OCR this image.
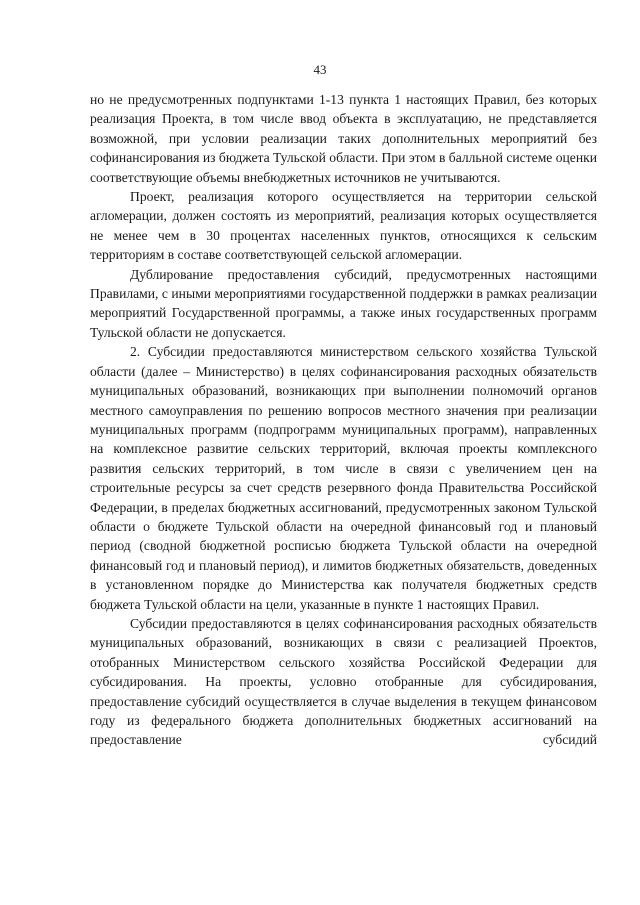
43

но не предусмотренных подпунктами 1-13 пункта 1 настоящих Правил, без которых реализация Проекта, в том числе ввод объекта в эксплуатацию, не представляется возможной, при условии реализации таких дополнительных мероприятий без софинансирования из бюджета Тульской области. При этом в балльной системе оценки соответствующие объемы внебюджетных источников не учитываются.

Проект, реализация которого осуществляется на территории сельской агломерации, должен состоять из мероприятий, реализация которых осуществляется не менее чем в 30 процентах населенных пунктов, относящихся к сельским территориям в составе соответствующей сельской агломерации.

Дублирование предоставления субсидий, предусмотренных настоящими Правилами, с иными мероприятиями государственной поддержки в рамках реализации мероприятий Государственной программы, а также иных государственных программ Тульской области не допускается.

2. Субсидии предоставляются министерством сельского хозяйства Тульской области (далее – Министерство) в целях софинансирования расходных обязательств муниципальных образований, возникающих при выполнении полномочий органов местного самоуправления по решению вопросов местного значения при реализации муниципальных программ (подпрограмм муниципальных программ), направленных на комплексное развитие сельских территорий, включая проекты комплексного развития сельских территорий, в том числе в связи с увеличением цен на строительные ресурсы за счет средств резервного фонда Правительства Российской Федерации, в пределах бюджетных ассигнований, предусмотренных законом Тульской области о бюджете Тульской области на очередной финансовый год и плановый период (сводной бюджетной росписью бюджета Тульской области на очередной финансовый год и плановый период), и лимитов бюджетных обязательств, доведенных в установленном порядке до Министерства как получателя бюджетных средств бюджета Тульской области на цели, указанные в пункте 1 настоящих Правил.

Субсидии предоставляются в целях софинансирования расходных обязательств муниципальных образований, возникающих в связи с реализацией Проектов, отобранных Министерством сельского хозяйства Российской Федерации для субсидирования. На проекты, условно отобранные для субсидирования, предоставление субсидий осуществляется в случае выделения в текущем финансовом году из федерального бюджета дополнительных бюджетных ассигнований на предоставление субсидий
